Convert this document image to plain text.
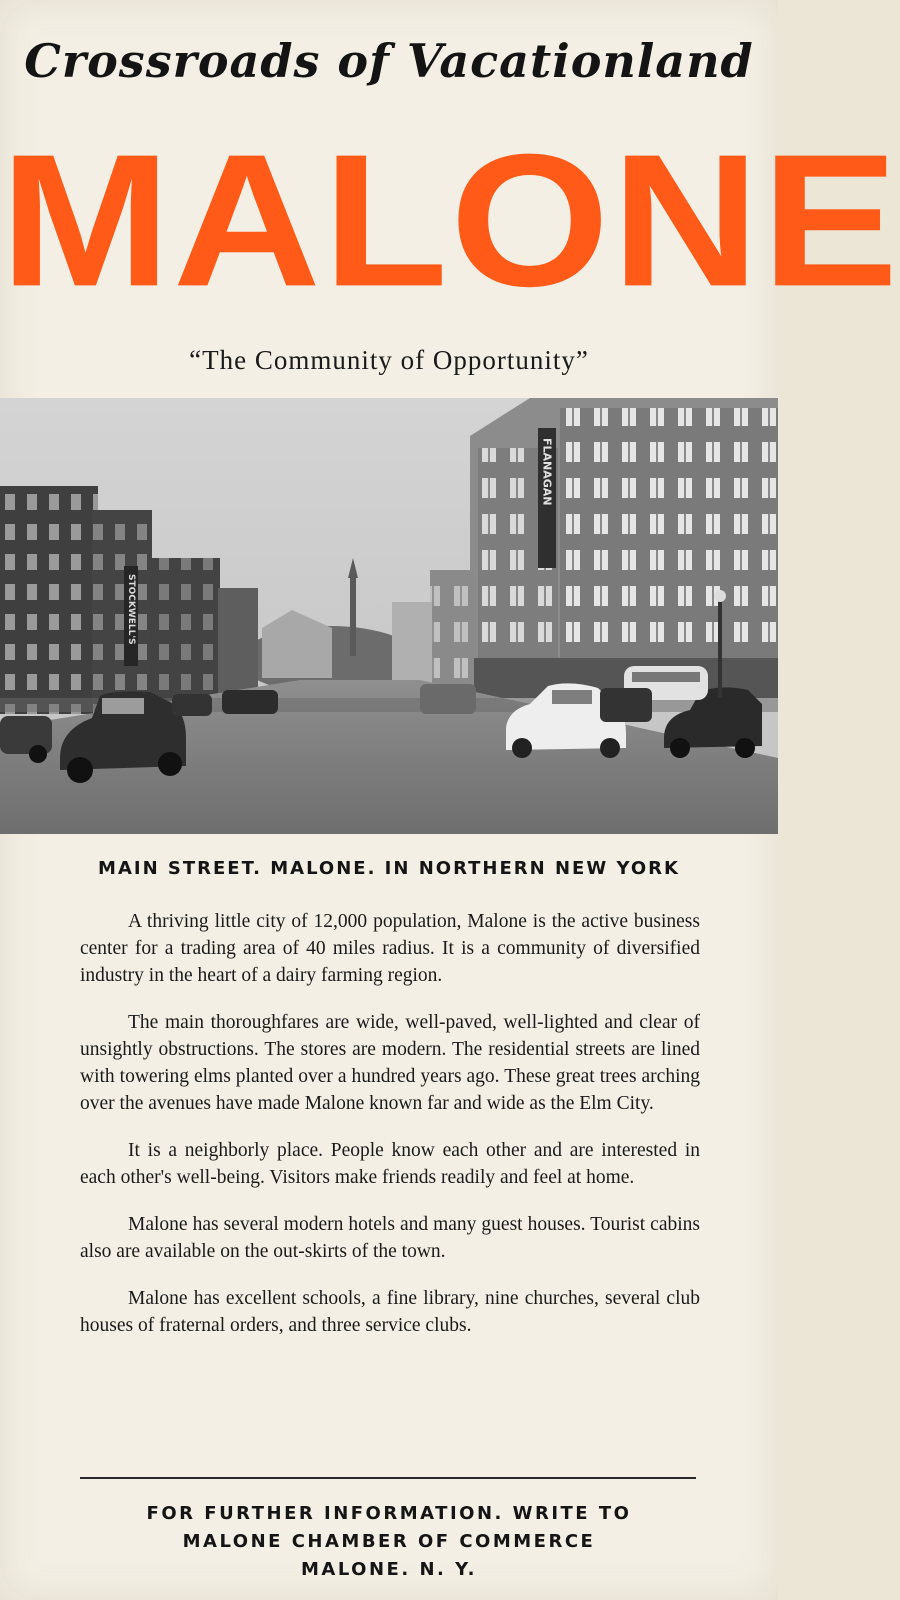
Crossroads of Vacationland
MALONE
“The Community of Opportunity”
STOCKWELL'S
FLANAGAN
MAIN STREET. MALONE. IN NORTHERN NEW YORK

A thriving little city of 12,000 population, Malone is the active business center for a trading area of 40 miles radius. It is a community of diversified industry in the heart of a dairy farming region.

The main thoroughfares are wide, well-paved, well-lighted and clear of unsightly obstructions. The stores are modern. The residential streets are lined with towering elms planted over a hundred years ago. These great trees arching over the avenues have made Malone known far and wide as the Elm City.

It is a neighborly place. People know each other and are interested in each other's well-being. Visitors make friends readily and feel at home.

Malone has several modern hotels and many guest houses. Tourist cabins also are available on the out-skirts of the town.

Malone has excellent schools, a fine library, nine churches, several club houses of fraternal orders, and three service clubs.

FOR FURTHER INFORMATION. WRITE TO
MALONE CHAMBER OF COMMERCE
MALONE. N. Y.
